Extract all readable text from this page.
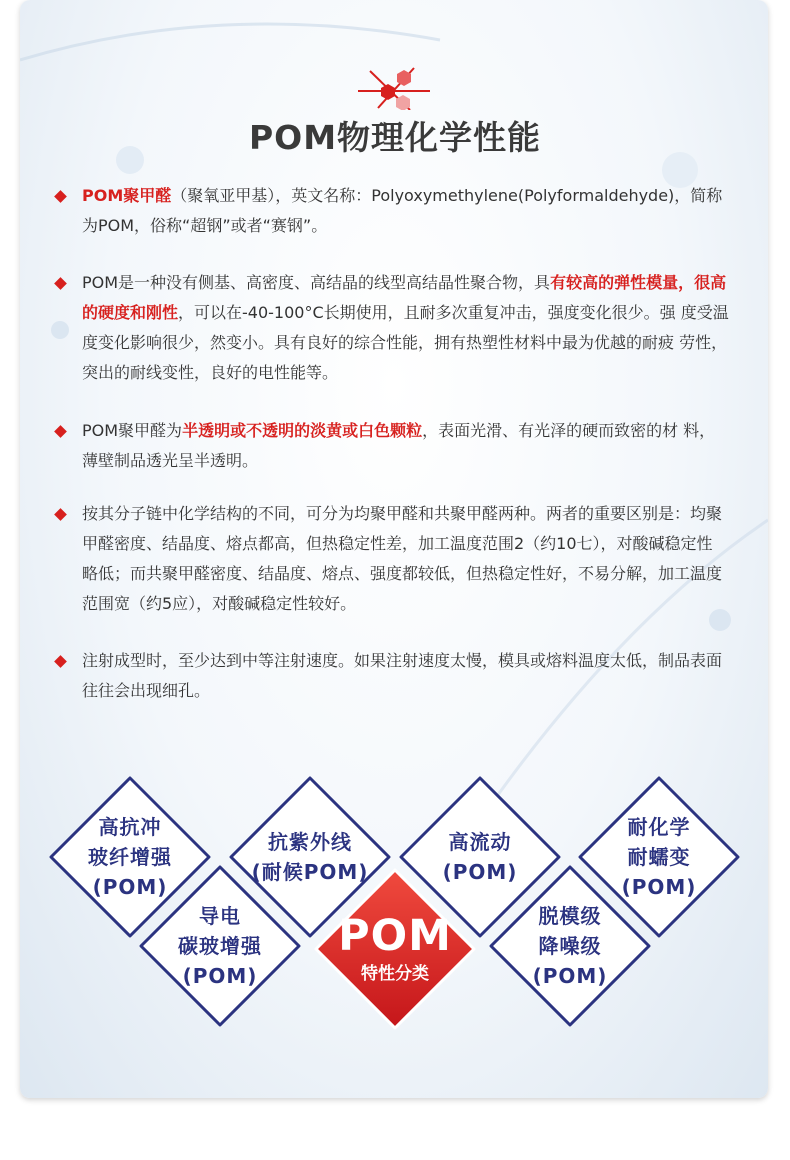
POM物理化学性能
POM聚甲醛（聚氧亚甲基），英文名称：Polyoxymethylene(Polyformaldehyde)，简称为POM，俗称“超钢”或者“赛钢”。
POM是一种没有侧基、高密度、高结晶的线型高结晶性聚合物，具有较高的弹性模量，很高的硬度和刚性，可以在-40-100°C长期使用，且耐多次重复冲击，强度变化很少。强 度受温度变化影响很少，然变小。具有良好的综合性能，拥有热塑性材料中最为优越的耐疲 劳性，突出的耐线变性，良好的电性能等。
POM聚甲醛为半透明或不透明的淡黄或白色颗粒，表面光滑、有光泽的硬而致密的材 料，薄壁制品透光呈半透明。
按其分子链中化学结构的不同，可分为均聚甲醛和共聚甲醛两种。两者的重要区别是：均聚 甲醛密度、结晶度、熔点都高，但热稳定性差，加工温度范围2（约10七），对酸碱稳定性 略低；而共聚甲醛密度、结晶度、熔点、强度都较低，但热稳定性好，不易分解，加工温度 范围宽（约5应），对酸碱稳定性较好。
注射成型时，至少达到中等注射速度。如果注射速度太慢，模具或熔料温度太低，制品表面 往往会出现细孔。
高抗冲
玻纤增强
(POM)
抗紫外线
(耐候POM)
高流动
(POM)
耐化学
耐蠕变
(POM)
导电
碳玻增强
(POM)
脱模级
降噪级
(POM)
POM
特性分类
